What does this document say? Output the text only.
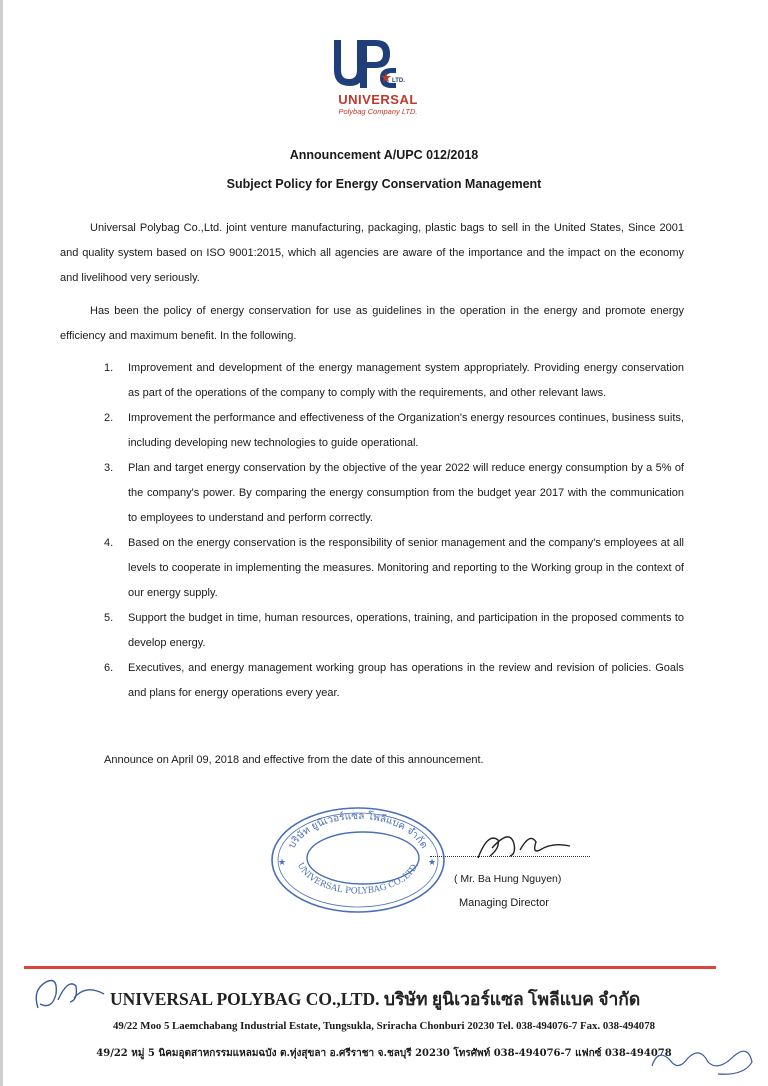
LTD.
UNIVERSAL
Polybag Company LTD.
Announcement A/UPC 012/2018
Subject Policy for Energy Conservation Management
Universal Polybag Co.,Ltd. joint venture manufacturing, packaging, plastic bags to sell in the United States, Since 2001 and quality system based on ISO 9001:2015, which all agencies are aware of the importance and the impact on the economy and livelihood very seriously.
Has been the policy of energy conservation for use as guidelines in the operation in the energy and promote energy efficiency and maximum benefit. In the following.
1. Improvement and development of the energy management system appropriately. Providing energy conservation as part of the operations of the company to comply with the requirements, and other relevant laws.
2. Improvement the performance and effectiveness of the Organization's energy resources continues, business suits, including developing new technologies to guide operational.
3. Plan and target energy conservation by the objective of the year 2022 will reduce energy consumption by a 5% of the company's power. By comparing the energy consumption from the budget year 2017 with the communication to employees to understand and perform correctly.
4. Based on the energy conservation is the responsibility of senior management and the company's employees at all levels to cooperate in implementing the measures. Monitoring and reporting to the Working group in the context of our energy supply.
5. Support the budget in time, human resources, operations, training, and participation in the proposed comments to develop energy.
6. Executives, and energy management working group has operations in the review and revision of policies. Goals and plans for energy operations every year.
Announce on April 09, 2018 and effective from the date of this announcement.
บริษัท ยูนิเวอร์แซล โพลีแบค จำกัด
UNIVERSAL POLYBAG CO.,LTD.
★	★
( Mr. Ba Hung Nguyen)
Managing Director
UNIVERSAL POLYBAG CO.,LTD. บริษัท ยูนิเวอร์แซล โพลีแบค จำกัด
49/22 Moo 5 Laemchabang Industrial Estate, Tungsukla, Sriracha Chonburi 20230 Tel. 038-494076-7 Fax. 038-494078
49/22 หมู่ 5 นิคมอุตสาหกรรมแหลมฉบัง ต.ทุ่งสุขลา อ.ศรีราชา จ.ชลบุรี 20230 โทรศัพท์ 038-494076-7 แฟกซ์ 038-494078
